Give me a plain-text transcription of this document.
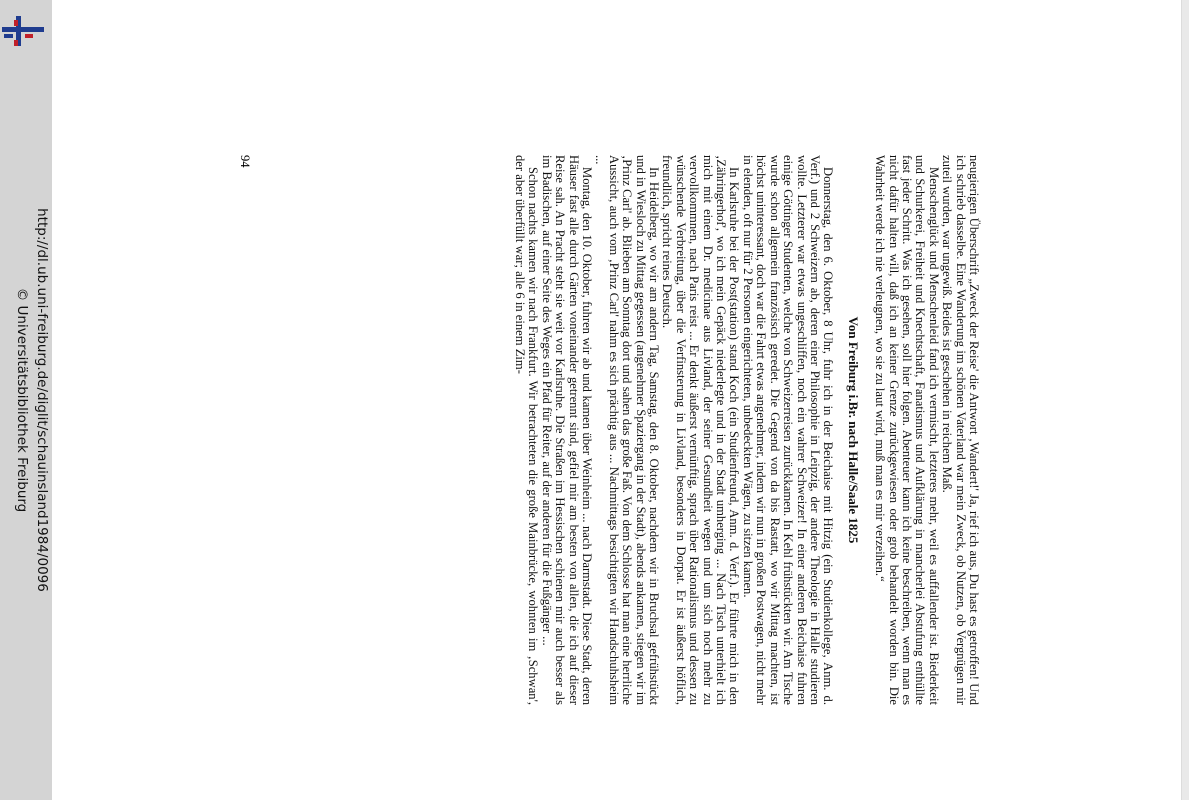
http://dl.ub.uni-freiburg.de/diglit/schauinsland1984/0096
© Universitätsbibliothek Freiburg	neugierigen Überschrift „Zweck der Reise' die Antwort ‚Wandert!' Ja, rief ich aus, Du hast es getroffen! Und ich schrieb dasselbe. Eine Wanderung im schönen Vaterland war mein Zweck, ob Nutzen, ob Vergnügen mir zuteil wurden, war ungewiß. Beides ist geschehen in reichem Maß.

Menschenglück und Menschenleid fand ich vermischt, letzteres mehr, weil es auffallender ist. Biederkeit und Schurkerei, Freiheit und Knechtschaft, Fanatismus und Aufklärung in mancherlei Abstufung enthüllte fast jeder Schritt. Was ich gesehen, soll hier folgen. Abenteuer kann ich keine beschreiben, wenn man es nicht dafür halten will, daß ich an keiner Grenze zurückgewiesen oder grob behandelt worden bin. Die Wahrheit werde ich nie verleugnen, wo sie zu laut wird, muß man es mir verzeihen.“

Von Freiburg i.Br. nach Halle/Saale 1825

Donnerstag, den 6. Oktober, 8 Uhr, fuhr ich in der Beichaise mit Hitzig (ein Studienkollege, Anm. d. Verf.) und 2 Schweizern ab, deren einer Philosophie in Leipzig, der andere Theologie in Halle studieren wollte. Letzterer war etwas ungeschliffen, noch ein wahrer Schweizer! In einer anderen Beichaise fuhren einige Göttinger Studenten, welche von Schweizerreisen zurückkamen. In Kehl frühstückten wir. Am Tische wurde schon allgemein französisch geredet. Die Gegend von da bis Rastatt, wo wir Mittag machten, ist höchst uninteressant, doch war die Fahrt etwas angenehmer, indem wir nun in großen Postwagen, nicht mehr in elenden, oft nur für 2 Personen eingerichteten, unbedeckten Wägen, zu sitzen kamen.

In Karlsruhe bei der Post(station) stand Koch (ein Studienfreund, Anm. d. Verf.). Er führte mich in den ‚Zähringerhof', wo ich mein Gepäck niederlegte und in der Stadt umherging ... Nach Tisch unterhielt ich mich mit einem Dr. medicinae aus Livland, der seiner Gesundheit wegen und um sich noch mehr zu vervollkommnen, nach Paris reist ... Er denkt äußerst vernünftig, sprach über Rationalismus und dessen zu wünschende Verbreitung, über die Verfinsterung in Livland, besonders in Dorpat. Er ist äußerst höflich, freundlich, spricht reines Deutsch.

In Heidelberg, wo wir am andern Tag, Samstag, den 8. Oktober, nachdem wir in Bruchsal gefrühstückt und in Wiesloch zu Mittag gegessen (angenehmer Spaziergang in der Stadt), abends ankamen, stiegen wir im ‚Prinz Carl' ab. Blieben am Sonntag dort und sahen das große Faß. Von dem Schlosse hat man eine herrliche Aussicht, auch vom ‚Prinz Carl' nahm es sich prächtig aus ... Nachmittags besichtigten wir Handschuhsheim ...

Montag, den 10. Oktober, fuhren wir ab und kamen über Weinheim ... nach Darmstadt. Diese Stadt, deren Häuser fast alle durch Gärten voneinander getrennt sind, gefiel mir am besten von allen, die ich auf dieser Reise sah. An Pracht steht sie weit vor Karlsruhe. Die Straßen im Hessischen schienen mir auch besser als im Badischen, auf einer Seite des Weges ein Pfad für Reiter, auf der anderen für die Fußgänger ...

Schon nachts kamen wir nach Frankfurt. Wir betrachteten die große Mainbrücke, wohnten im ‚Schwan', der aber überfüllt war; alle 6 in einem Zim-

94
